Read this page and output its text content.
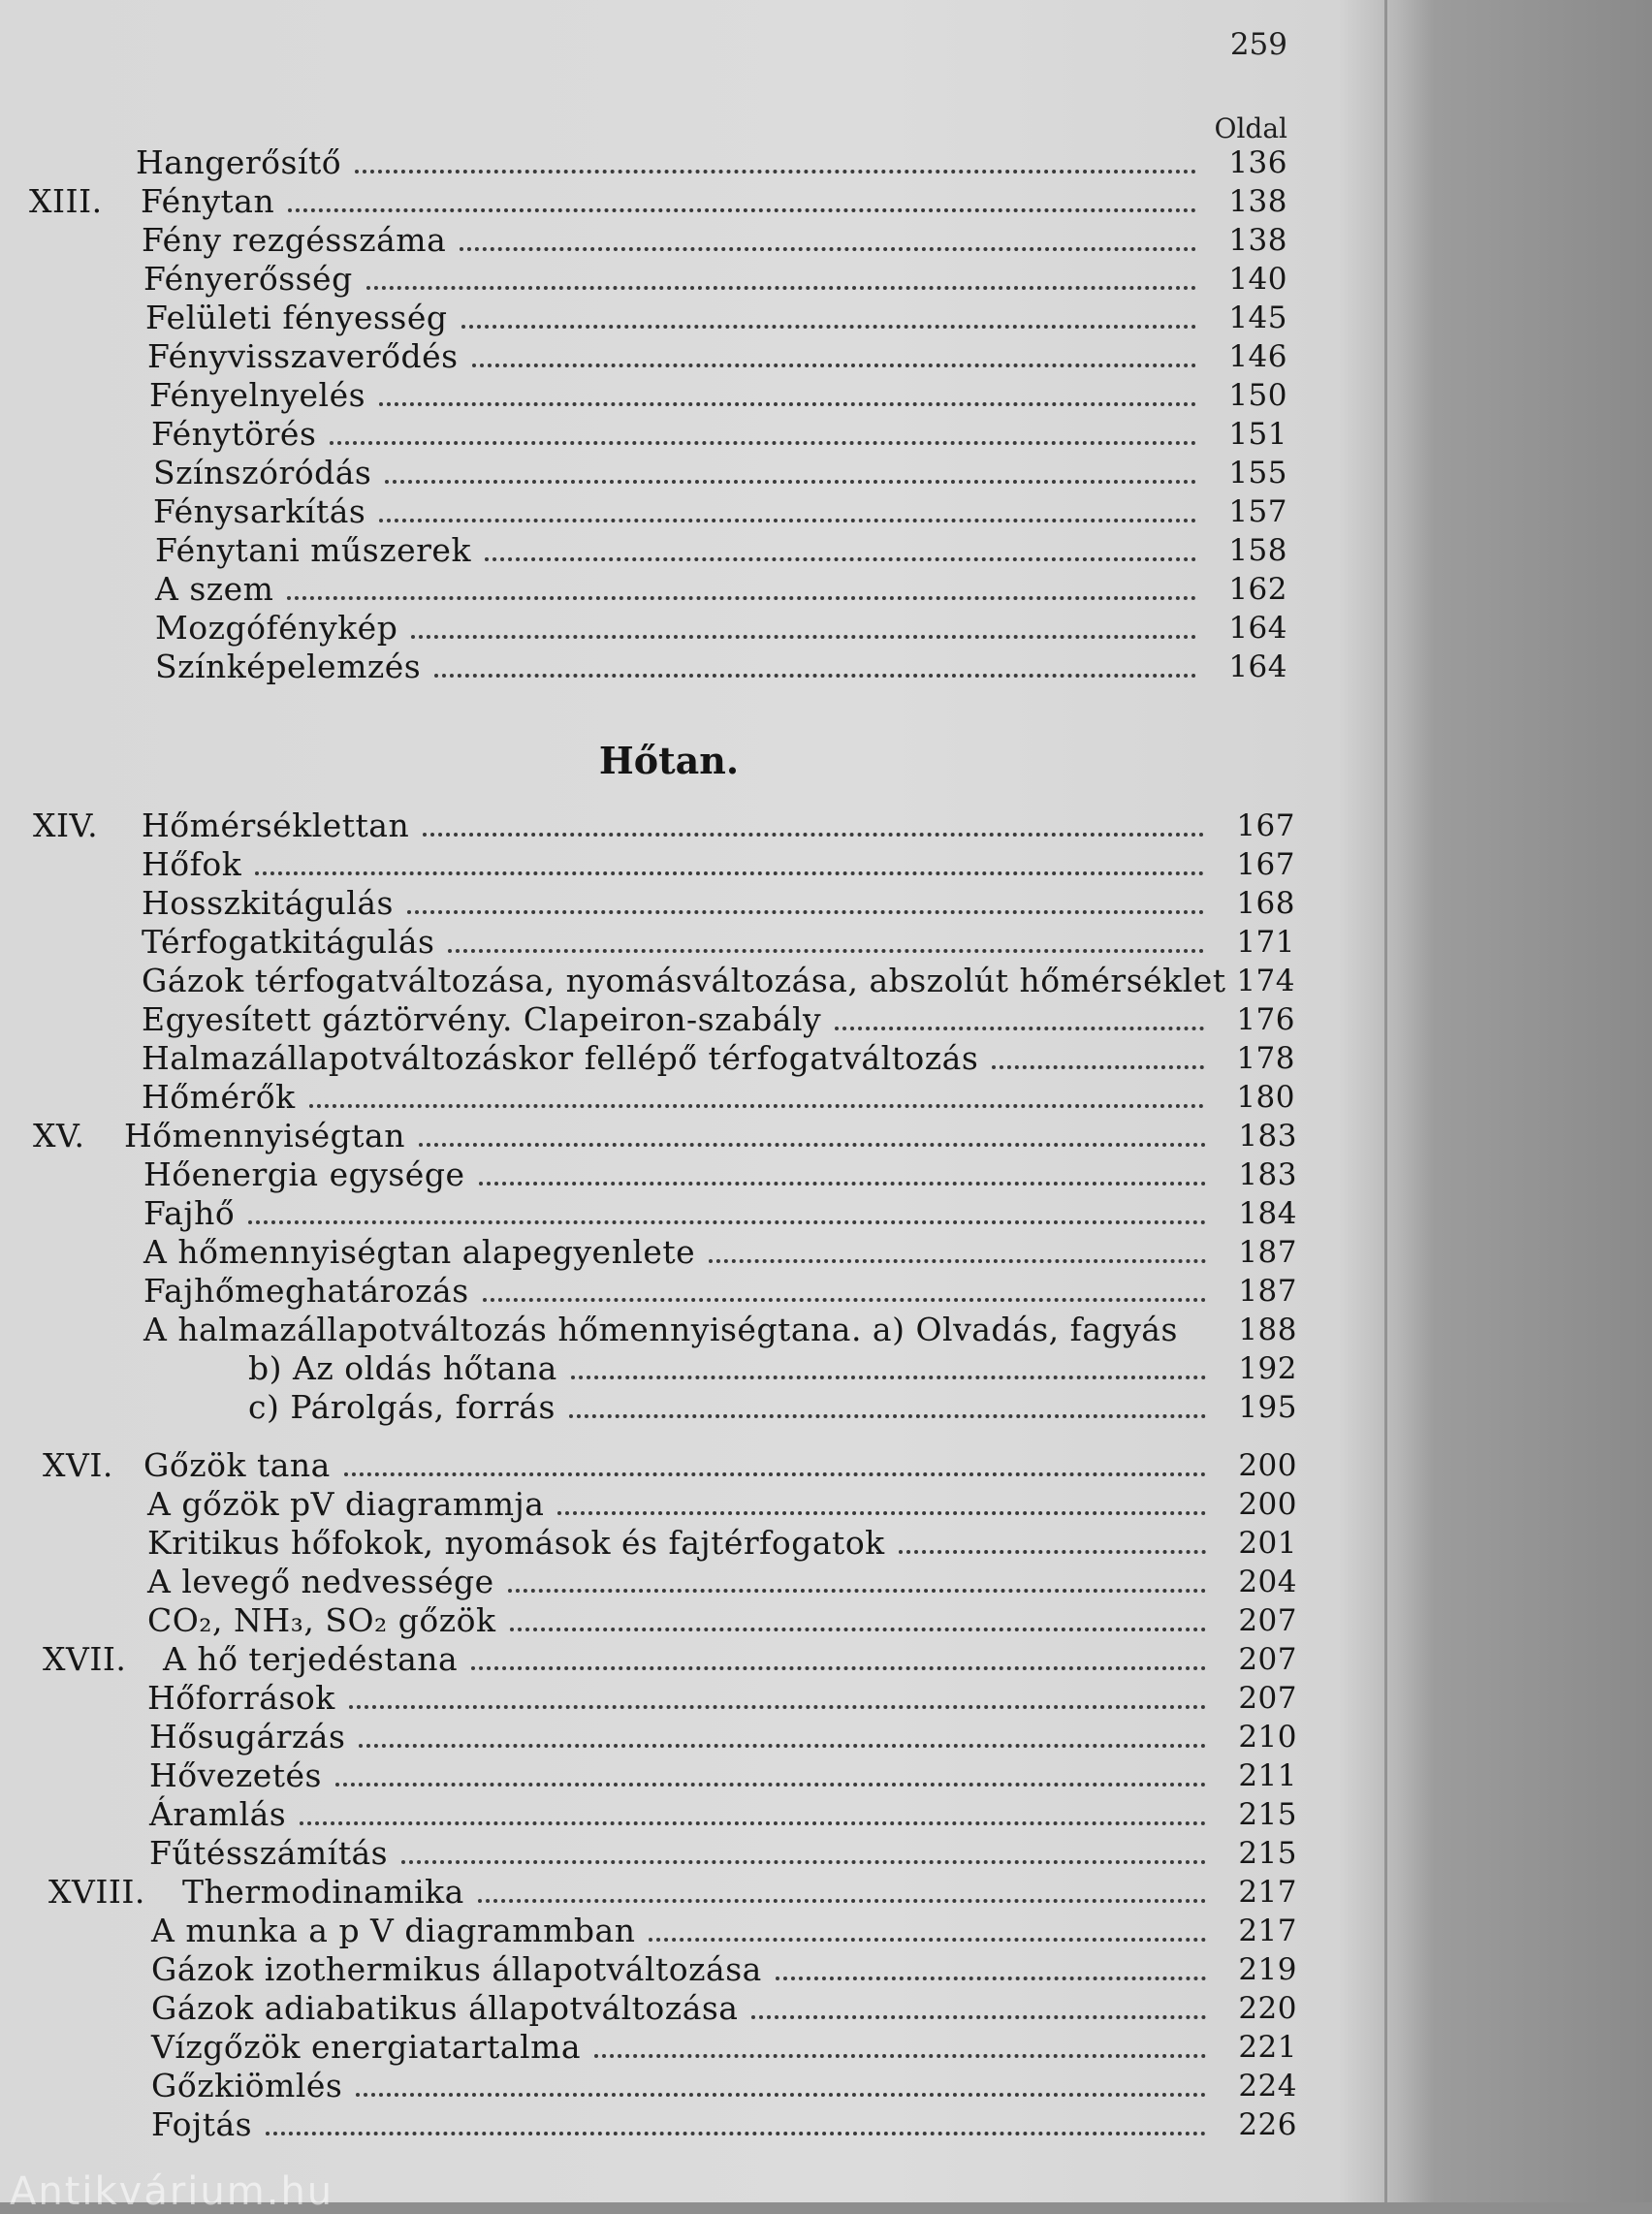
259
Oldal
Hőtan.
Hangerősítő	136
XIII. Fénytan	138
Fény rezgésszáma	138
Fényerősség	140
Felületi fényesség	145
Fényvisszaverődés	146
Fényelnyelés	150
Fénytörés	151
Színszóródás	155
Fénysarkítás	157
Fénytani műszerek	158
A szem	162
Mozgófénykép	164
Színképelemzés	164
XIV. Hőmérséklettan	167
Hőfok	167
Hosszkitágulás	168
Térfogatkitágulás	171
Gázok térfogatváltozása, nyomásváltozása, abszolút hőmérséklet 174
Egyesített gáztörvény. Clapeiron-szabály	176
Halmazállapotváltozáskor fellépő térfogatváltozás	178
Hőmérők	180
XV. Hőmennyiségtan	183
Hőenergia egysége	183
Fajhő	184
A hőmennyiségtan alapegyenlete	187
Fajhőmeghatározás	187
A halmazállapotváltozás hőmennyiségtana. a) Olvadás, fagyás	188
b) Az oldás hőtana	192
c) Párolgás, forrás	195
XVI. Gőzök tana	200
A gőzök pV diagrammja	200
Kritikus hőfokok, nyomások és fajtérfogatok	201
A levegő nedvessége	204
CO₂, NH₃, SO₂ gőzök	207
XVII. A hő terjedéstana	207
Hőforrások	207
Hősugárzás	210
Hővezetés	211
Áramlás	215
Fűtésszámítás	215
XVIII. Thermodinamika	217
A munka a p V diagrammban	217
Gázok izothermikus állapotváltozása	219
Gázok adiabatikus állapotváltozása	220
Vízgőzök energiatartalma	221
Gőzkiömlés	224
Fojtás	226
Antikvárium.hu
